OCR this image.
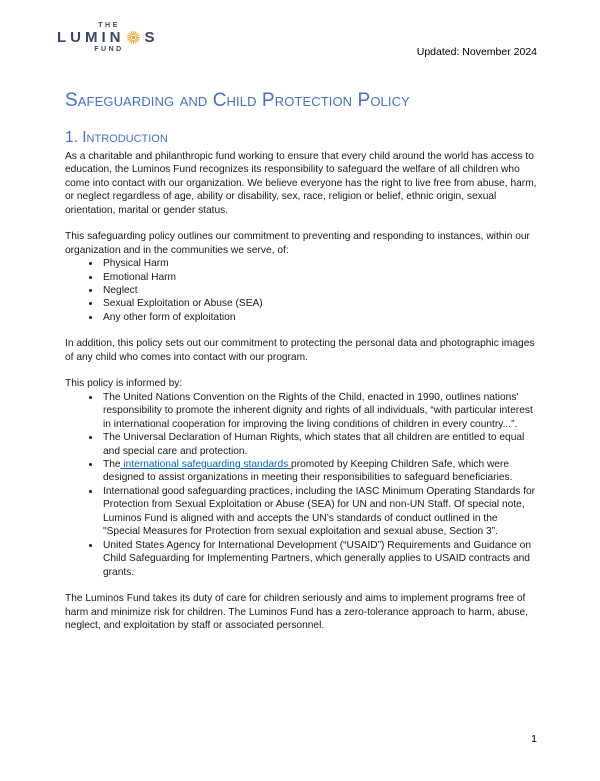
THE
LUMIN S
FUND	Updated: November 2024
Safeguarding and Child Protection Policy
1. Introduction

As a charitable and philanthropic fund working to ensure that every child around the world has access to education, the Luminos Fund recognizes its responsibility to safeguard the welfare of all children who come into contact with our organization. We believe everyone has the right to live free from abuse, harm, or neglect regardless of age, ability or disability, sex, race, religion or belief, ethnic origin, sexual orientation, marital or gender status.

This safeguarding policy outlines our commitment to preventing and responding to instances, within our organization and in the communities we serve, of:

• Physical Harm
• Emotional Harm
• Neglect
• Sexual Exploitation or Abuse (SEA)
• Any other form of exploitation

In addition, this policy sets out our commitment to protecting the personal data and photographic images of any child who comes into contact with our program.

This policy is informed by:

• The United Nations Convention on the Rights of the Child, enacted in 1990, outlines nations' responsibility to promote the inherent dignity and rights of all individuals, “with particular interest in international cooperation for improving the living conditions of children in every country...”.
• The Universal Declaration of Human Rights, which states that all children are entitled to equal and special care and protection.
• The international safeguarding standards promoted by Keeping Children Safe, which were designed to assist organizations in meeting their responsibilities to safeguard beneficiaries.
• International good safeguarding practices, including the IASC Minimum Operating Standards for Protection from Sexual Exploitation or Abuse (SEA) for UN and non-UN Staff. Of special note, Luminos Fund is aligned with and accepts the UN’s standards of conduct outlined in the "Special Measures for Protection from sexual exploitation and sexual abuse, Section 3”.
• United States Agency for International Development (“USAID”) Requirements and Guidance on Child Safeguarding for Implementing Partners, which generally applies to USAID contracts and grants.

The Luminos Fund takes its duty of care for children seriously and aims to implement programs free of harm and minimize risk for children. The Luminos Fund has a zero-tolerance approach to harm, abuse, neglect, and exploitation by staff or associated personnel.

1
